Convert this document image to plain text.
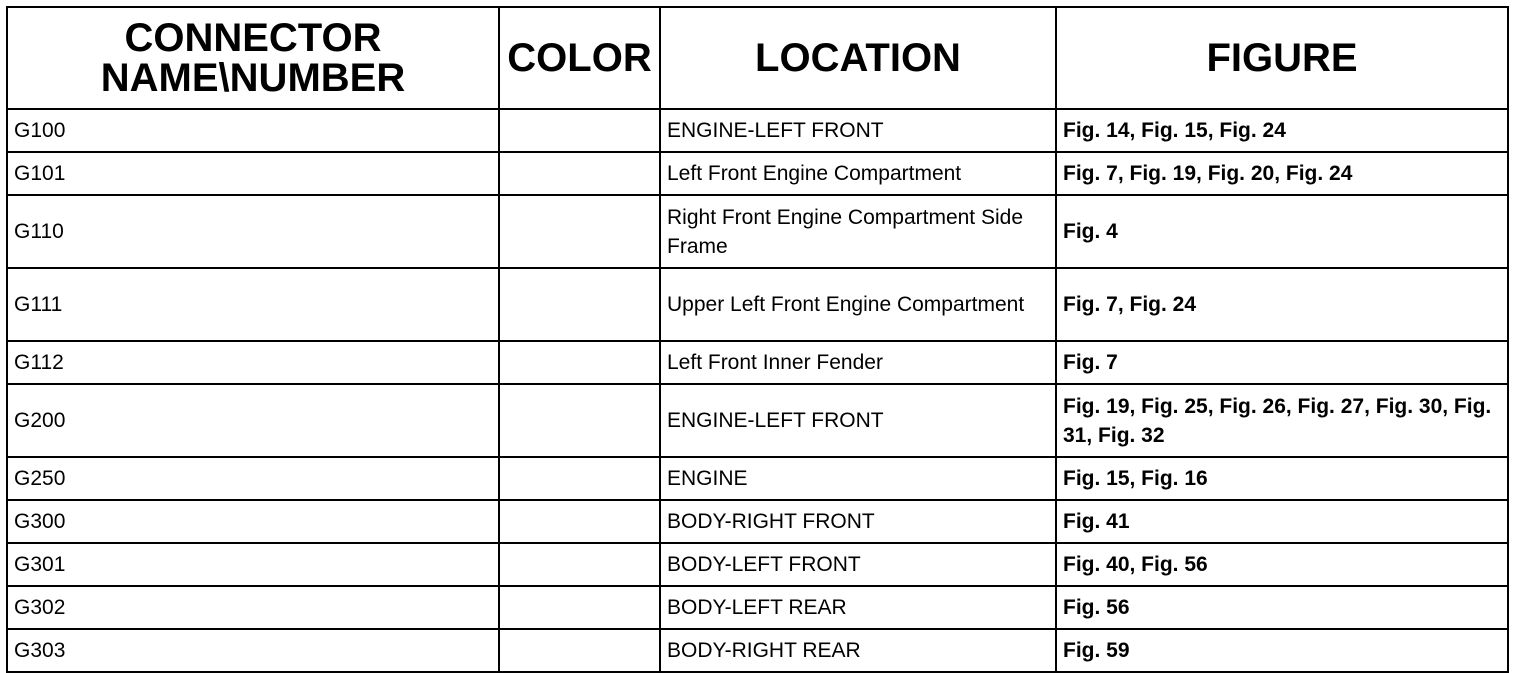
CONNECTOR NAME\NUMBER	COLOR	LOCATION	FIGURE
G100		ENGINE-LEFT FRONT	Fig. 14, Fig. 15, Fig. 24
G101		Left Front Engine Compartment	Fig. 7, Fig. 19, Fig. 20, Fig. 24
G110		Right Front Engine Compartment Side Frame	Fig. 4
G111		Upper Left Front Engine Compartment	Fig. 7, Fig. 24
G112		Left Front Inner Fender	Fig. 7
G200		ENGINE-LEFT FRONT	Fig. 19, Fig. 25, Fig. 26, Fig. 27, Fig. 30, Fig. 31, Fig. 32
G250		ENGINE	Fig. 15, Fig. 16
G300		BODY-RIGHT FRONT	Fig. 41
G301		BODY-LEFT FRONT	Fig. 40, Fig. 56
G302		BODY-LEFT REAR	Fig. 56
G303		BODY-RIGHT REAR	Fig. 59
